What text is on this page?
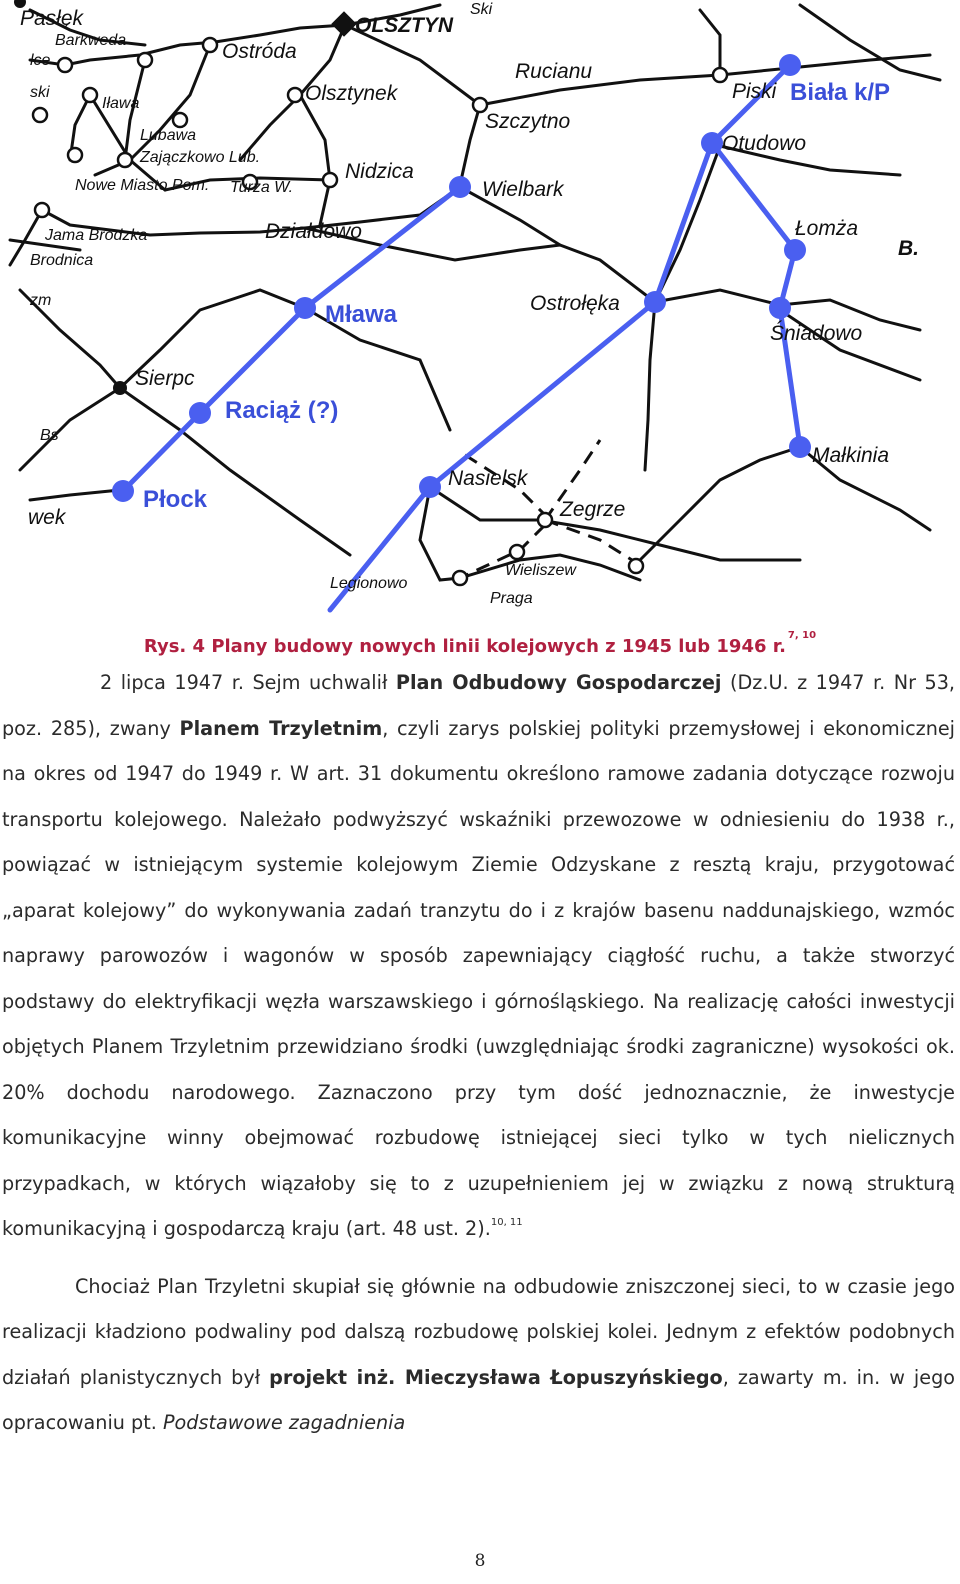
OLSZTYN
Rucianu
Biała k/P
Piski
Olsztynek
Szczytno
Ostróda
Barkweda
Pasłęk
Iława
Lubawa
Zajączkowo Lub.
Turza W.
Nowe Miasto Pom.
Nidzica
Wielbark
Otudowo
Łomża
B.
Działdowo
Jama Brodzka
Brodnica
Mława	Ostrołęka
Śniadowo
Sierpc
Raciąż (?)
Małkinia
Płock
Nasielsk
Zegrze
Wieliszew
Legionowo
Praga
wek
zm
ski
lce
Bs
Ski
Rys. 4 Plany budowy nowych linii kolejowych z 1945 lub 1946 r.$^{7, 10}$

2 lipca 1947 r. Sejm uchwalił Plan Odbudowy Gospodarczej (Dz.U. z 1947 r. Nr 53, poz. 285), zwany Planem Trzyletnim, czyli zarys polskiej polityki przemysłowej i ekonomicznej na okres od 1947 do 1949 r. W art. 31 dokumentu określono ramowe zadania dotyczące rozwoju transportu kolejowego. Należało podwyższyć wskaźniki przewozowe w odniesieniu do 1938 r., powiązać w istniejącym systemie kolejowym Ziemie Odzyskane z resztą kraju, przygotować „aparat kolejowy” do wykonywania zadań tranzytu do i z krajów basenu naddunajskiego, wzmóc naprawy parowozów i wagonów w sposób zapewniający ciągłość ruchu, a także stworzyć podstawy do elektryfikacji węzła warszawskiego i górnośląskiego. Na realizację całości inwestycji objętych Planem Trzyletnim przewidziano środki (uwzględniając środki zagraniczne) wysokości ok. 20% dochodu narodowego. Zaznaczono przy tym dość jednoznacznie, że inwestycje komunikacyjne winny obejmować rozbudowę istniejącej sieci tylko w tych nielicznych przypadkach, w których wiązałoby się to z uzupełnieniem jej w związku z nową strukturą komunikacyjną i gospodarczą kraju (art. 48 ust. 2).$^{10, 11}$

Chociaż Plan Trzyletni skupiał się głównie na odbudowie zniszczonej sieci, to w czasie jego realizacji kładziono podwaliny pod dalszą rozbudowę polskiej kolei. Jednym z efektów podobnych działań planistycznych był projekt inż. Mieczysława Łopuszyńskiego, zawarty m. in. w jego opracowaniu pt. Podstawowe zagadnienia

8
